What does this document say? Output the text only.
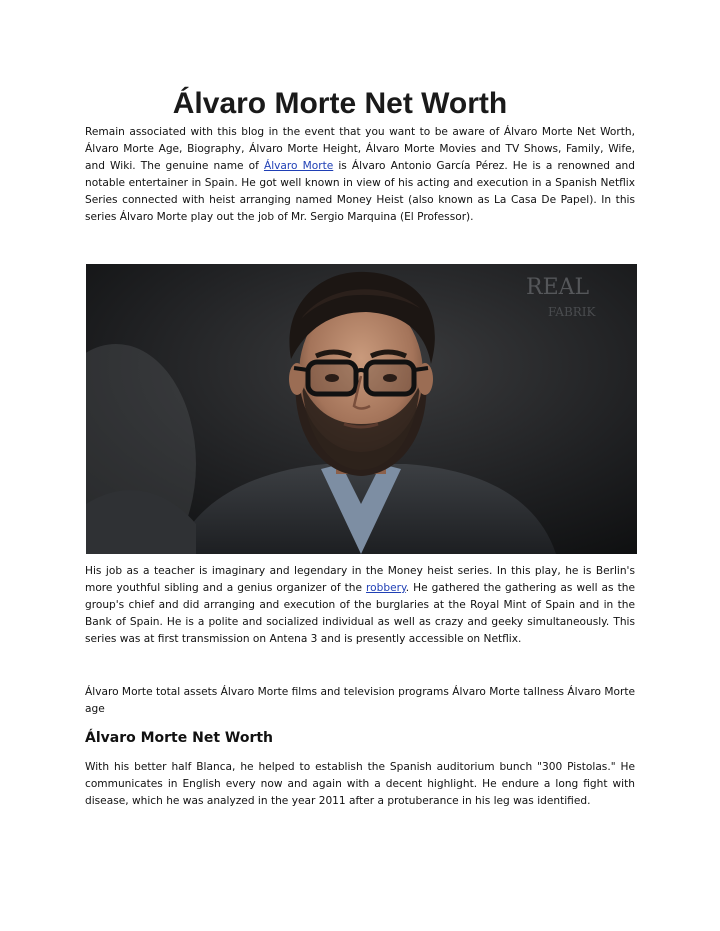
Álvaro Morte Net Worth

Remain associated with this blog in the event that you want to be aware of Álvaro Morte Net Worth, Álvaro Morte Age, Biography, Álvaro Morte Height, Álvaro Morte Movies and TV Shows, Family, Wife, and Wiki. The genuine name of Álvaro Morte is Álvaro Antonio García Pérez. He is a renowned and notable entertainer in Spain. He got well known in view of his acting and execution in a Spanish Netflix Series connected with heist arranging named Money Heist (also known as La Casa De Papel). In this series Álvaro Morte play out the job of Mr. Sergio Marquina (El Professor).

REAL
FABRIK

His job as a teacher is imaginary and legendary in the Money heist series. In this play, he is Berlin's more youthful sibling and a genius organizer of the robbery. He gathered the gathering as well as the group's chief and did arranging and execution of the burglaries at the Royal Mint of Spain and in the Bank of Spain. He is a polite and socialized individual as well as crazy and geeky simultaneously. This series was at first transmission on Antena 3 and is presently accessible on Netflix.

Álvaro Morte total assets Álvaro Morte films and television programs Álvaro Morte tallness Álvaro Morte age

Álvaro Morte Net Worth

With his better half Blanca, he helped to establish the Spanish auditorium bunch "300 Pistolas." He communicates in English every now and again with a decent highlight. He endure a long fight with disease, which he was analyzed in the year 2011 after a protuberance in his leg was identified.
